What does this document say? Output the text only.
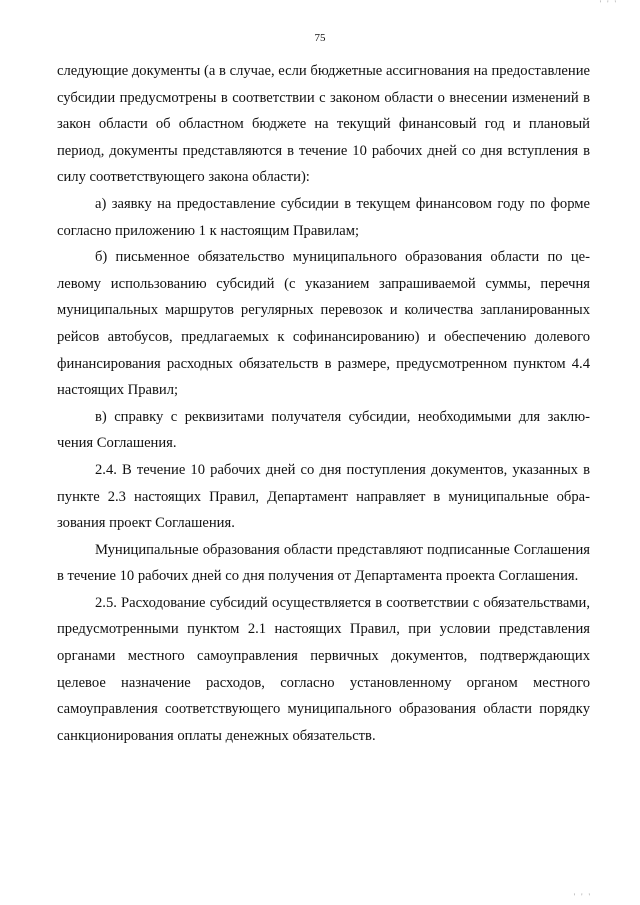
' ' '
75

следующие документы (а в случае, если бюджетные ассигнования на предоставление субсидии предусмотрены в соответствии с законом области о внесении изменений в закон области об областном бюджете на текущий финансовый год и плановый период, документы представляются в течение 10 рабочих дней со дня вступления в силу соответствующего закона области):

а) заявку на предоставление субсидии в текущем финансовом году по форме согласно приложению 1 к настоящим Правилам;

б) письменное обязательство муниципального образования области по целевому использованию субсидий (с указанием запрашиваемой суммы, перечня муниципальных маршрутов регулярных перевозок и количества запланированных рейсов автобусов, предлагаемых к софинансированию) и обеспечению долевого финансирования расходных обязательств в размере, предусмотренном пунктом 4.4 настоящих Правил;

в) справку с реквизитами получателя субсидии, необходимыми для заключения Соглашения.

2.4. В течение 10 рабочих дней со дня поступления документов, указанных в пункте 2.3 настоящих Правил, Департамент направляет в муниципальные образования проект Соглашения.

Муниципальные образования области представляют подписанные Соглашения в течение 10 рабочих дней со дня получения от Департамента проекта Соглашения.

2.5. Расходование субсидий осуществляется в соответствии с обязательствами, предусмотренными пунктом 2.1 настоящих Правил, при условии представления органами местного самоуправления первичных документов, подтверждающих целевое назначение расходов, согласно установленному органом местного самоуправления соответствующего муниципального образования области порядку санкционирования оплаты денежных обязательств.

' ' '
